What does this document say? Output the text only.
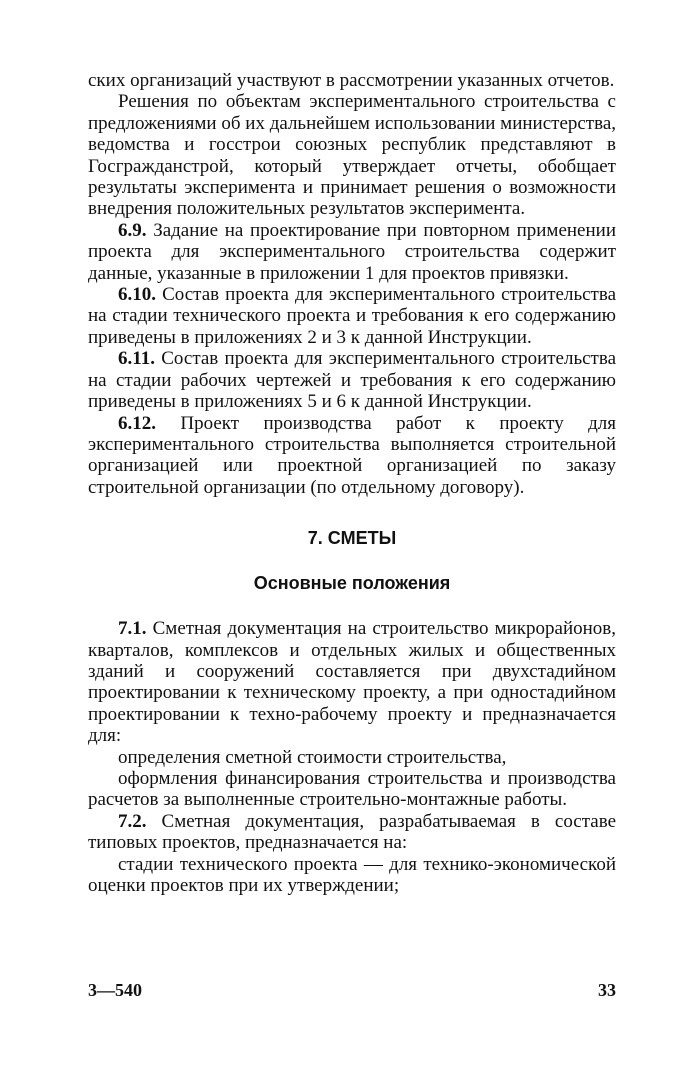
ских организаций участвуют в рассмотрении указанных отчетов.

Решения по объектам экспериментального строительства с предложениями об их дальнейшем использовании министерства, ведомства и госстрои союзных республик представляют в Госгражданстрой, который утверждает отчеты, обобщает результаты эксперимента и принимает решения о возможности внедрения положительных результатов эксперимента.

6.9. Задание на проектирование при повторном применении проекта для экспериментального строительства содержит данные, указанные в приложении 1 для проектов привязки.

6.10. Состав проекта для экспериментального строительства на стадии технического проекта и требования к его содержанию приведены в приложениях 2 и 3 к данной Инструкции.

6.11. Состав проекта для экспериментального строительства на стадии рабочих чертежей и требования к его содержанию приведены в приложениях 5 и 6 к данной Инструкции.

6.12. Проект производства работ к проекту для экспериментального строительства выполняется строительной организацией или проектной организацией по заказу строительной организации (по отдельному договору).

7. СМЕТЫ

Основные положения

7.1. Сметная документация на строительство микрорайонов, кварталов, комплексов и отдельных жилых и общественных зданий и сооружений составляется при двухстадийном проектировании к техническому проекту, а при одностадийном проектировании к техно-рабочему проекту и предназначается для:

определения сметной стоимости строительства,

оформления финансирования строительства и производства расчетов за выполненные строительно-монтажные работы.

7.2. Сметная документация, разрабатываемая в составе типовых проектов, предназначается на:

стадии технического проекта — для технико-экономической оценки проектов при их утверждении;

3—540	33
